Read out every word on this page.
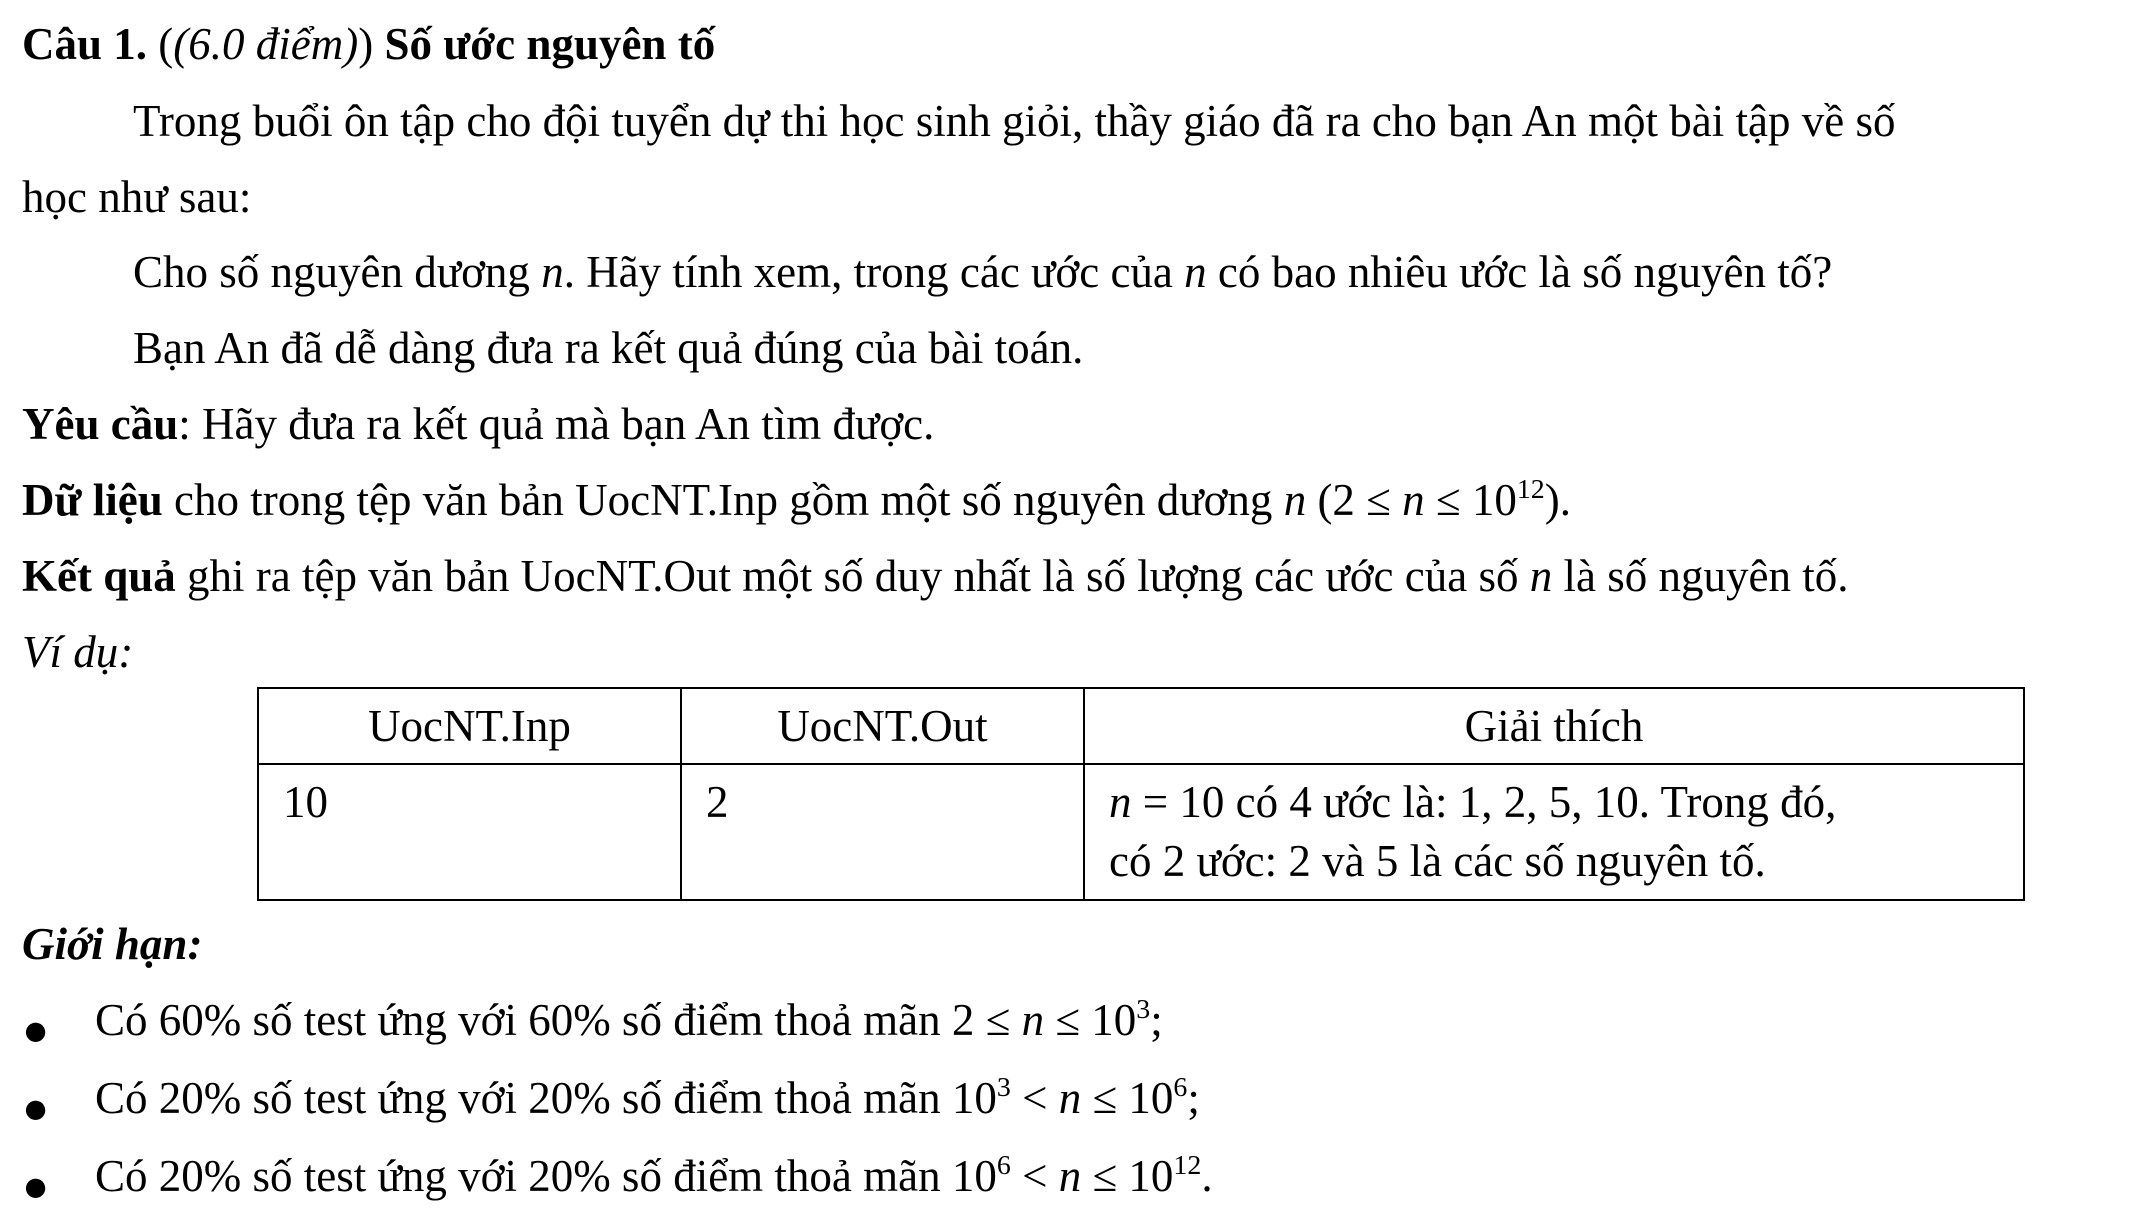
Câu 1. ((6.0 điểm)) Số ước nguyên tố
Trong buổi ôn tập cho đội tuyển dự thi học sinh giỏi, thầy giáo đã ra cho bạn An một bài tập về số
học như sau:
Cho số nguyên dương n. Hãy tính xem, trong các ước của n có bao nhiêu ước là số nguyên tố?
Bạn An đã dễ dàng đưa ra kết quả đúng của bài toán.
Yêu cầu: Hãy đưa ra kết quả mà bạn An tìm được.
Dữ liệu cho trong tệp văn bản UocNT.Inp gồm một số nguyên dương n $(2 \le n \le 10^{12})$.
Kết quả ghi ra tệp văn bản UocNT.Out một số duy nhất là số lượng các ước của số n là số nguyên tố.
Ví dụ:
UocNT.Inp	UocNT.Out	Giải thích
10	2	n = 10 có 4 ước là: 1, 2, 5, 10. Trong đó,
có 2 ước: 2 và 5 là các số nguyên tố.
Giới hạn:
● Có 60% số test ứng với 60% số điểm thoả mãn $2 \le n \le 10^3$;
● Có 20% số test ứng với 20% số điểm thoả mãn $10^3 < n \le 10^6$;
● Có 20% số test ứng với 20% số điểm thoả mãn $10^6 < n \le 10^{12}$.
